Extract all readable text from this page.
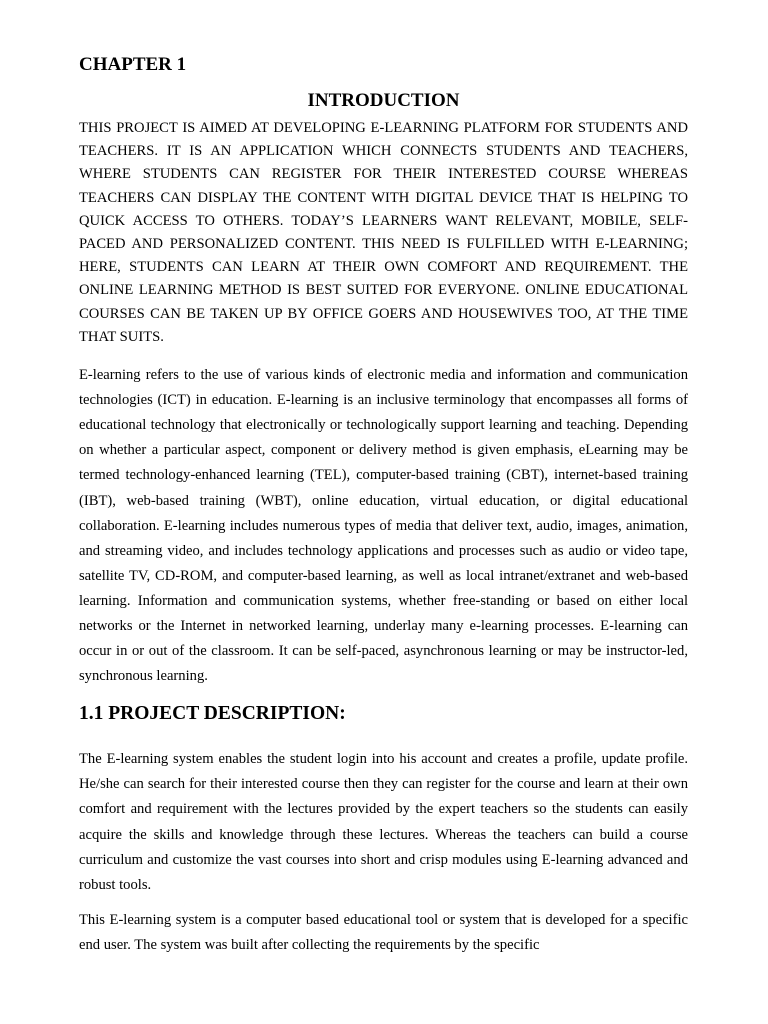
CHAPTER 1
INTRODUCTION

THIS PROJECT IS AIMED AT DEVELOPING E-LEARNING PLATFORM FOR STUDENTS AND TEACHERS. IT IS AN APPLICATION WHICH CONNECTS STUDENTS AND TEACHERS, WHERE STUDENTS CAN REGISTER FOR THEIR INTERESTED COURSE WHEREAS TEACHERS CAN DISPLAY THE CONTENT WITH DIGITAL DEVICE THAT IS HELPING TO QUICK ACCESS TO OTHERS. TODAY’S LEARNERS WANT RELEVANT, MOBILE, SELF-PACED AND PERSONALIZED CONTENT. THIS NEED IS FULFILLED WITH E-LEARNING; HERE, STUDENTS CAN LEARN AT THEIR OWN COMFORT AND REQUIREMENT. THE ONLINE LEARNING METHOD IS BEST SUITED FOR EVERYONE. ONLINE EDUCATIONAL COURSES CAN BE TAKEN UP BY OFFICE GOERS AND HOUSEWIVES TOO, AT THE TIME THAT SUITS.

E-learning refers to the use of various kinds of electronic media and information and communication technologies (ICT) in education. E-learning is an inclusive terminology that encompasses all forms of educational technology that electronically or technologically support learning and teaching. Depending on whether a particular aspect, component or delivery method is given emphasis, eLearning may be termed technology-enhanced learning (TEL), computer-based training (CBT), internet-based training (IBT), web-based training (WBT), online education, virtual education, or digital educational collaboration. E-learning includes numerous types of media that deliver text, audio, images, animation, and streaming video, and includes technology applications and processes such as audio or video tape, satellite TV, CD-ROM, and computer-based learning, as well as local intranet/extranet and web-based learning. Information and communication systems, whether free-standing or based on either local networks or the Internet in networked learning, underlay many e-learning processes. E-learning can occur in or out of the classroom. It can be self-paced, asynchronous learning or may be instructor-led, synchronous learning.

1.1 PROJECT DESCRIPTION:

The E-learning system enables the student login into his account and creates a profile, update profile. He/she can search for their interested course then they can register for the course and learn at their own comfort and requirement with the lectures provided by the expert teachers so the students can easily acquire the skills and knowledge through these lectures. Whereas the teachers can build a course curriculum and customize the vast courses into short and crisp modules using E-learning advanced and robust tools.

This E-learning system is a computer based educational tool or system that is developed for a specific end user. The system was built after collecting the requirements by the specific
